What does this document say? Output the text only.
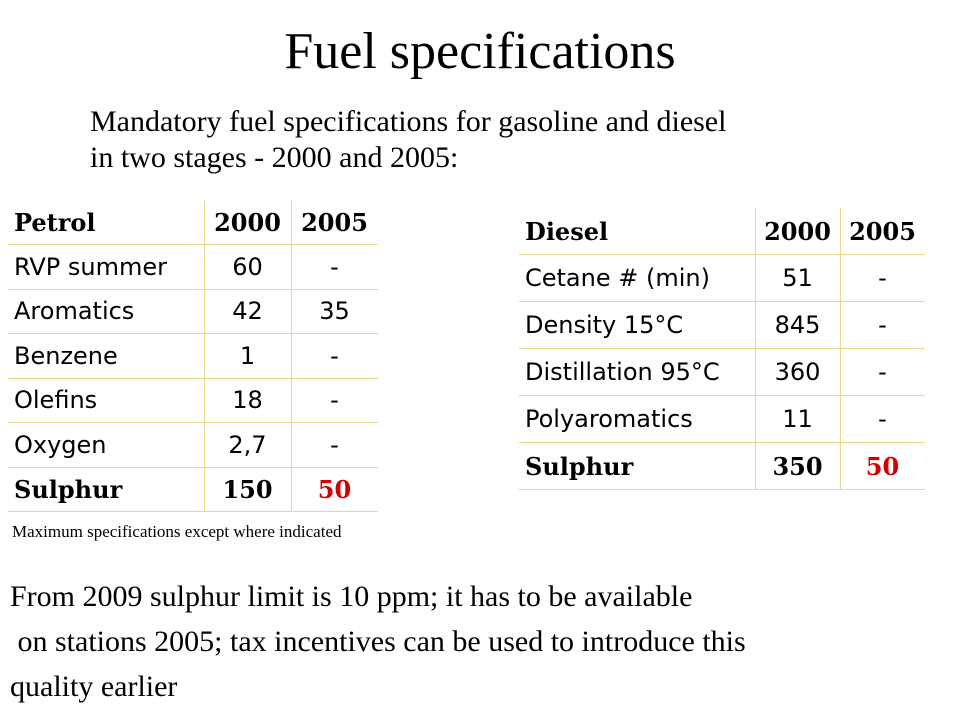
Fuel specifications
Mandatory fuel specifications for gasoline and diesel
in two stages - 2000 and 2005:
Petrol	2000	2005
RVP summer	60	-
Aromatics	42	35
Benzene	1	-
Olefins	18	-
Oxygen	2,7	-
Sulphur	150	50
Maximum specifications except where indicated
Diesel	2000	2005
Cetane # (min)	51	-
Density 15°C	845	-
Distillation 95°C	360	-
Polyaromatics	11	-
Sulphur	350	50
From 2009 sulphur limit is 10 ppm; it has to be available
on stations 2005; tax incentives can be used to introduce this
quality earlier
